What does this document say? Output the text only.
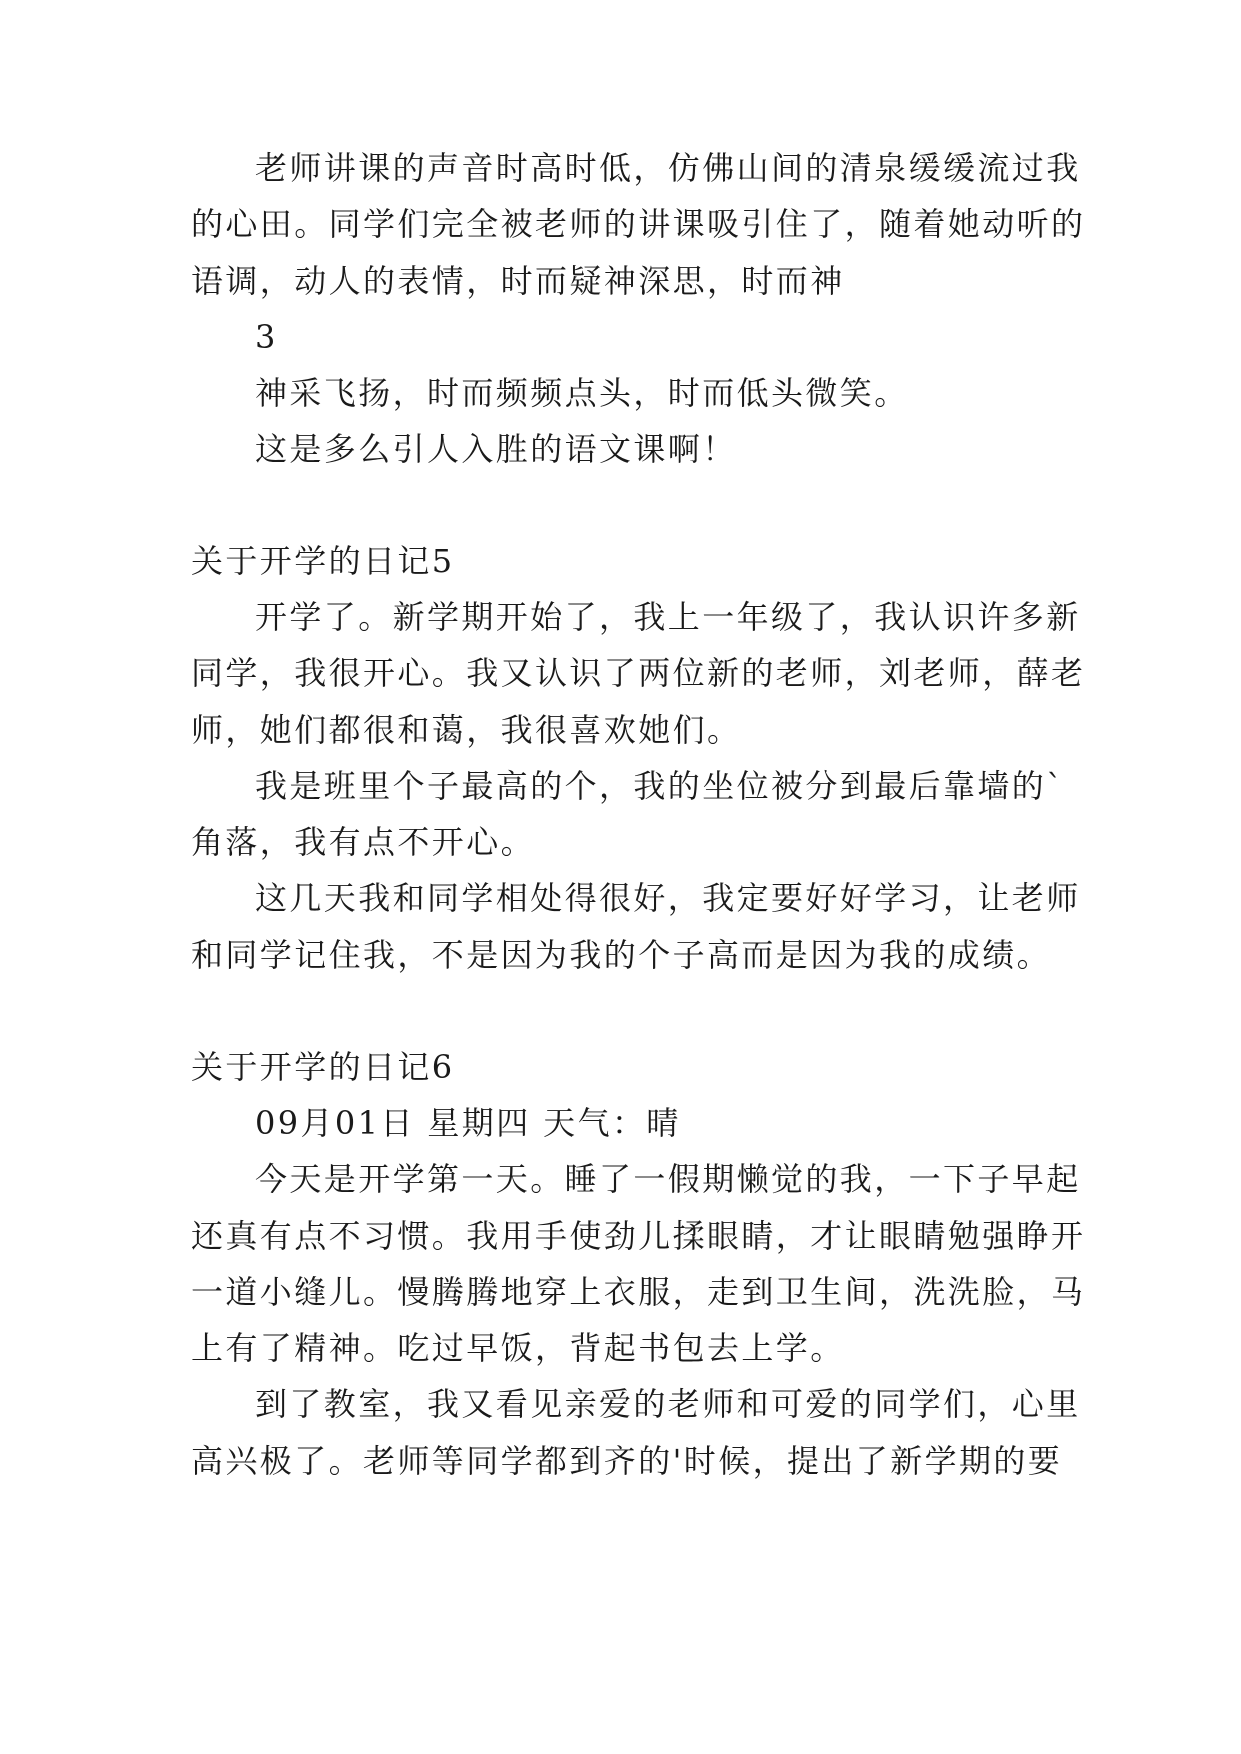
老师讲课的声音时高时低，仿佛山间的清泉缓缓流过我
的心田。同学们完全被老师的讲课吸引住了，随着她动听的
语调，动人的表情，时而疑神深思，时而神
3
神采飞扬，时而频频点头，时而低头微笑。
这是多么引人入胜的语文课啊！
关于开学的日记5
开学了。新学期开始了，我上一年级了，我认识许多新
同学，我很开心。我又认识了两位新的老师，刘老师，薛老
师，她们都很和蔼，我很喜欢她们。
我是班里个子最高的个，我的坐位被分到最后靠墙的`
角落，我有点不开心。
这几天我和同学相处得很好，我定要好好学习，让老师
和同学记住我，不是因为我的个子高而是因为我的成绩。
关于开学的日记6
09月01日 星期四 天气：晴
今天是开学第一天。睡了一假期懒觉的我，一下子早起
还真有点不习惯。我用手使劲儿揉眼睛，才让眼睛勉强睁开
一道小缝儿。慢腾腾地穿上衣服，走到卫生间，洗洗脸，马
上有了精神。吃过早饭，背起书包去上学。
到了教室，我又看见亲爱的老师和可爱的同学们，心里
高兴极了。老师等同学都到齐的'时候，提出了新学期的要
